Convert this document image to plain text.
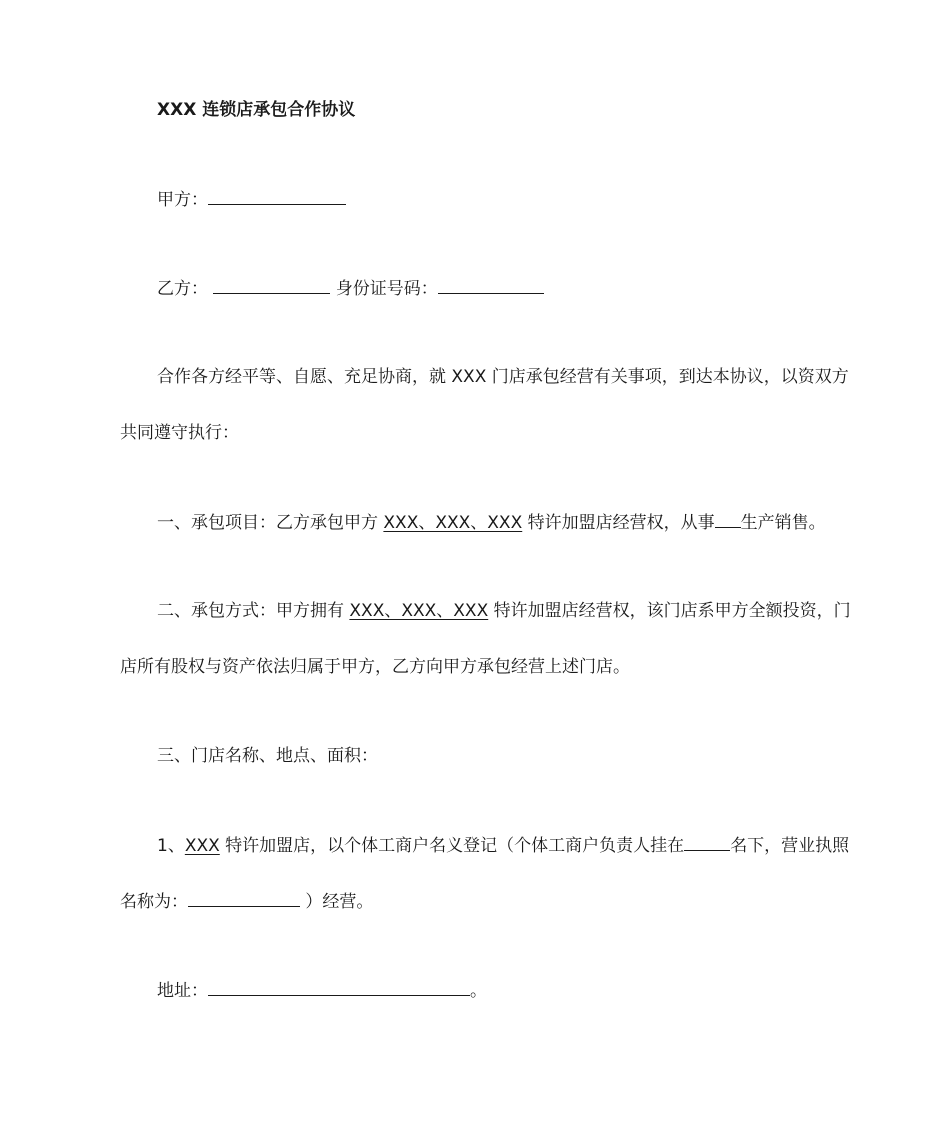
XXX 连锁店承包合作协议
甲方：
乙方：	身份证号码：
合作各方经平等、自愿、充足协商，就 XXX 门店承包经营有关事项，到达本协议，以资双方
共同遵守执行：
一、承包项目：乙方承包甲方 XXX、XXX、XXX 特许加盟店经营权，从事 生产销售。
二、承包方式：甲方拥有 XXX、XXX、XXX 特许加盟店经营权，该门店系甲方全额投资，门
店所有股权与资产依法归属于甲方，乙方向甲方承包经营上述门店。
三、门店名称、地点、面积：
1、XXX 特许加盟店，以个体工商户名义登记（个体工商户负责人挂在	名下，营业执照
名称为：	）经营。
地址：	。
